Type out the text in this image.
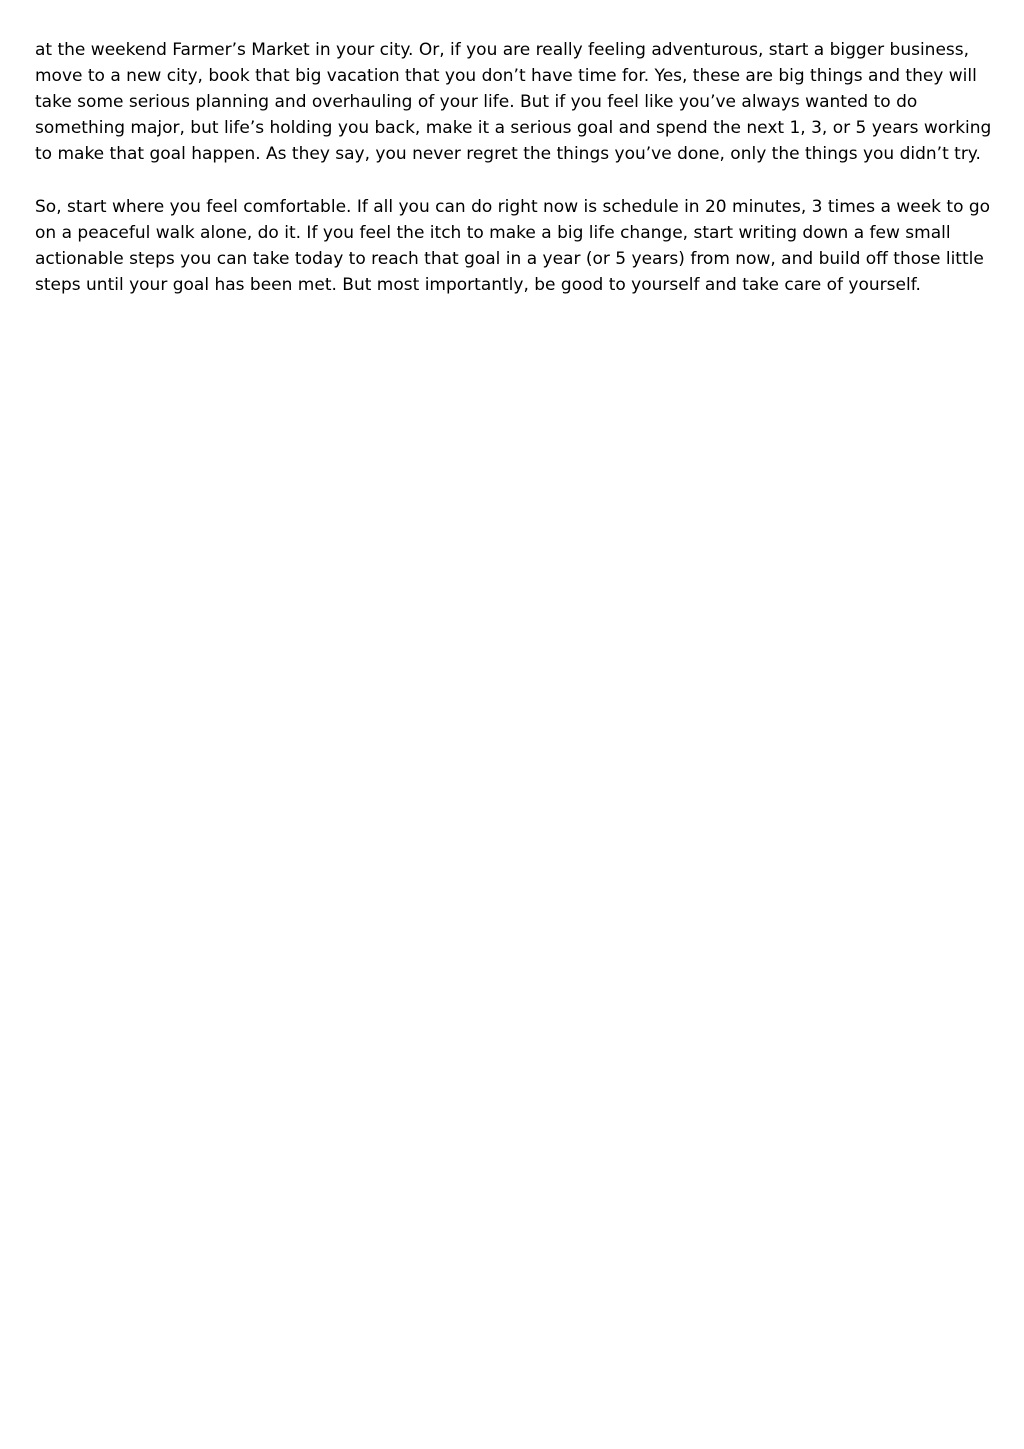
at the weekend Farmer’s Market in your city. Or, if you are really feeling adventurous, start a bigger business, move to a new city, book that big vacation that you don’t have time for. Yes, these are big things and they will take some serious planning and overhauling of your life. But if you feel like you’ve always wanted to do something major, but life’s holding you back, make it a serious goal and spend the next 1, 3, or 5 years working to make that goal happen. As they say, you never regret the things you’ve done, only the things you didn’t try.

So, start where you feel comfortable. If all you can do right now is schedule in 20 minutes, 3 times a week to go on a peaceful walk alone, do it. If you feel the itch to make a big life change, start writing down a few small actionable steps you can take today to reach that goal in a year (or 5 years) from now, and build off those little steps until your goal has been met. But most importantly, be good to yourself and take care of yourself.
